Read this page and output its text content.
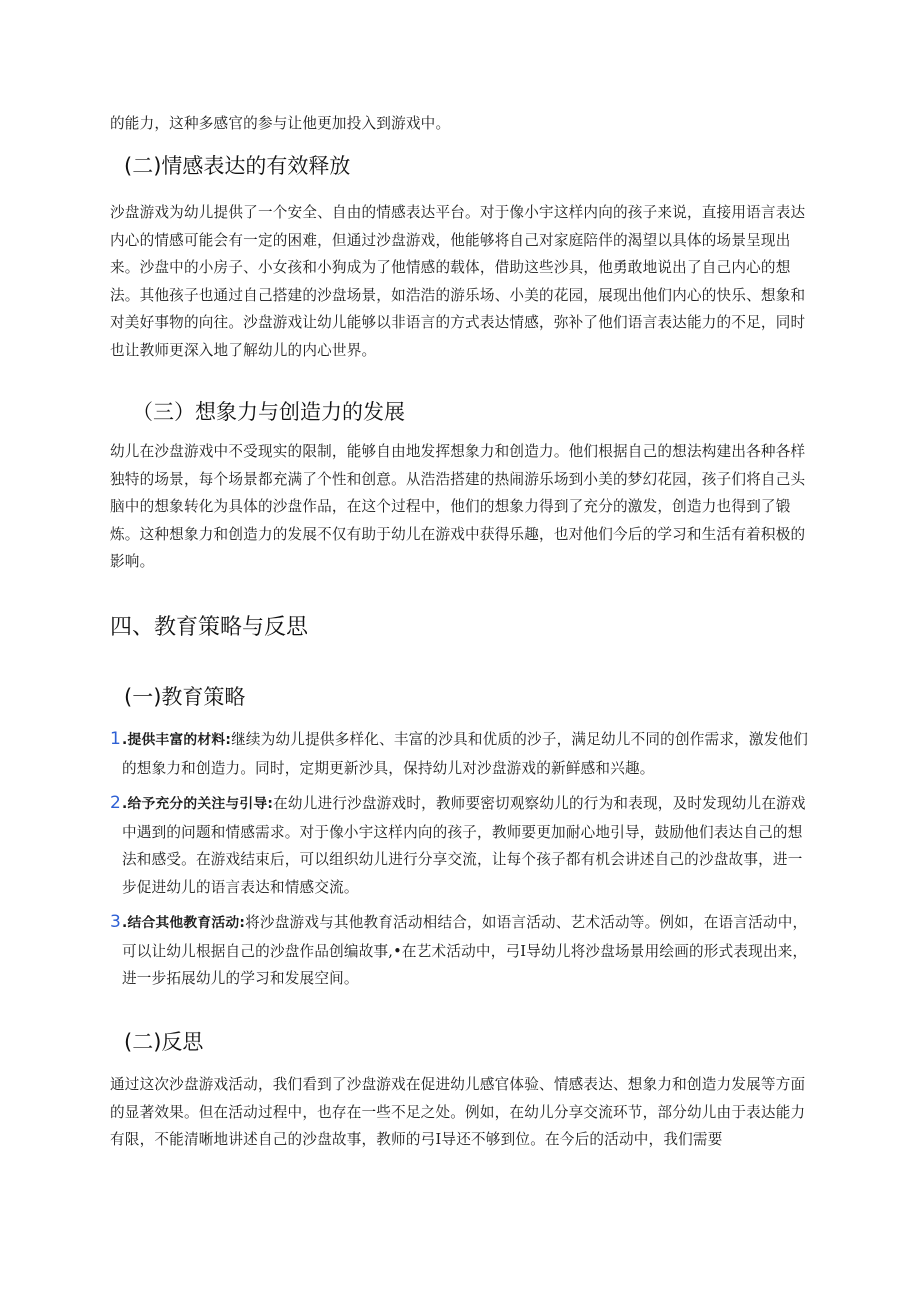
的能力，这种多感官的参与让他更加投入到游戏中。

(二)情感表达的有效释放

沙盘游戏为幼儿提供了一个安全、自由的情感表达平台。对于像小宇这样内向的孩子来说，直接用语言表达内心的情感可能会有一定的困难，但通过沙盘游戏，他能够将自己对家庭陪伴的渴望以具体的场景呈现出来。沙盘中的小房子、小女孩和小狗成为了他情感的载体，借助这些沙具，他勇敢地说出了自己内心的想法。其他孩子也通过自己搭建的沙盘场景，如浩浩的游乐场、小美的花园，展现出他们内心的快乐、想象和对美好事物的向往。沙盘游戏让幼儿能够以非语言的方式表达情感，弥补了他们语言表达能力的不足，同时也让教师更深入地了解幼儿的内心世界。

（三）想象力与创造力的发展

幼儿在沙盘游戏中不受现实的限制，能够自由地发挥想象力和创造力。他们根据自己的想法构建出各种各样独特的场景，每个场景都充满了个性和创意。从浩浩搭建的热闹游乐场到小美的梦幻花园，孩子们将自己头脑中的想象转化为具体的沙盘作品，在这个过程中，他们的想象力得到了充分的激发，创造力也得到了锻炼。这种想象力和创造力的发展不仅有助于幼儿在游戏中获得乐趣，也对他们今后的学习和生活有着积极的影响。

四、教育策略与反思
(一)教育策略
1 .提供丰富的材料:继续为幼儿提供多样化、丰富的沙具和优质的沙子，满足幼儿不同的创作需求，激发他们的想象力和创造力。同时，定期更新沙具，保持幼儿对沙盘游戏的新鲜感和兴趣。
2 .给予充分的关注与引导:在幼儿进行沙盘游戏时，教师要密切观察幼儿的行为和表现，及时发现幼儿在游戏中遇到的问题和情感需求。对于像小宇这样内向的孩子，教师要更加耐心地引导，鼓励他们表达自己的想法和感受。在游戏结束后，可以组织幼儿进行分享交流，让每个孩子都有机会讲述自己的沙盘故事，进一步促进幼儿的语言表达和情感交流。
3 .结合其他教育活动:将沙盘游戏与其他教育活动相结合，如语言活动、艺术活动等。例如，在语言活动中，可以让幼儿根据自己的沙盘作品创编故事,•在艺术活动中，弓I导幼儿将沙盘场景用绘画的形式表现出来，进一步拓展幼儿的学习和发展空间。
(二)反思

通过这次沙盘游戏活动，我们看到了沙盘游戏在促进幼儿感官体验、情感表达、想象力和创造力发展等方面的显著效果。但在活动过程中，也存在一些不足之处。例如，在幼儿分享交流环节，部分幼儿由于表达能力有限，不能清晰地讲述自己的沙盘故事，教师的弓I导还不够到位。在今后的活动中，我们需要
